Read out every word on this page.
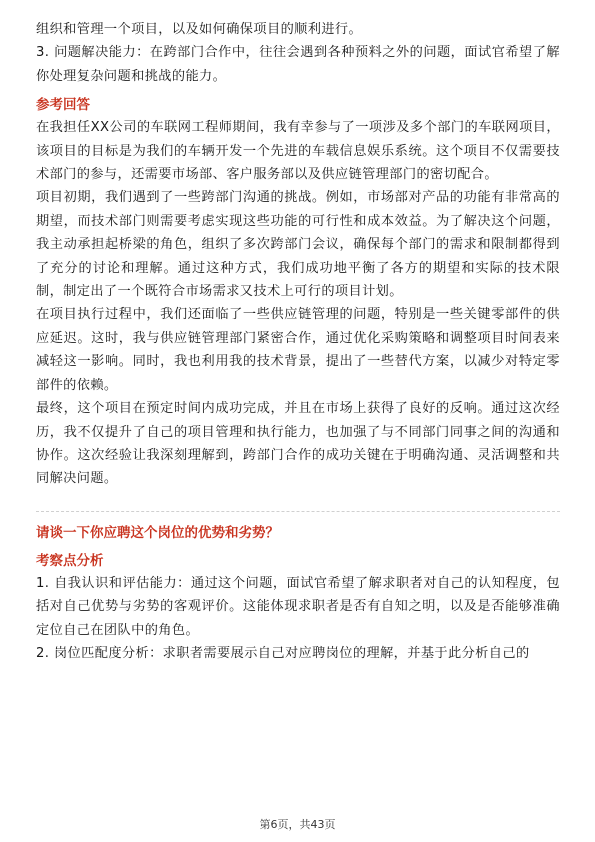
组织和管理一个项目，以及如何确保项目的顺利进行。

3. 问题解决能力：在跨部门合作中，往往会遇到各种预料之外的问题，面试官希望了解你处理复杂问题和挑战的能力。

参考回答

在我担任XX公司的车联网工程师期间，我有幸参与了一项涉及多个部门的车联网项目，该项目的目标是为我们的车辆开发一个先进的车载信息娱乐系统。这个项目不仅需要技术部门的参与，还需要市场部、客户服务部以及供应链管理部门的密切配合。

项目初期，我们遇到了一些跨部门沟通的挑战。例如，市场部对产品的功能有非常高的期望，而技术部门则需要考虑实现这些功能的可行性和成本效益。为了解决这个问题，我主动承担起桥梁的角色，组织了多次跨部门会议，确保每个部门的需求和限制都得到了充分的讨论和理解。通过这种方式，我们成功地平衡了各方的期望和实际的技术限制，制定出了一个既符合市场需求又技术上可行的项目计划。

在项目执行过程中，我们还面临了一些供应链管理的问题，特别是一些关键零部件的供应延迟。这时，我与供应链管理部门紧密合作，通过优化采购策略和调整项目时间表来减轻这一影响。同时，我也利用我的技术背景，提出了一些替代方案，以减少对特定零部件的依赖。

最终，这个项目在预定时间内成功完成，并且在市场上获得了良好的反响。通过这次经历，我不仅提升了自己的项目管理和执行能力，也加强了与不同部门同事之间的沟通和协作。这次经验让我深刻理解到，跨部门合作的成功关键在于明确沟通、灵活调整和共同解决问题。

请谈一下你应聘这个岗位的优势和劣势？
考察点分析

1. 自我认识和评估能力：通过这个问题，面试官希望了解求职者对自己的认知程度，包括对自己优势与劣势的客观评价。这能体现求职者是否有自知之明，以及是否能够准确定位自己在团队中的角色。

2. 岗位匹配度分析：求职者需要展示自己对应聘岗位的理解，并基于此分析自己的

第6页，共43页
